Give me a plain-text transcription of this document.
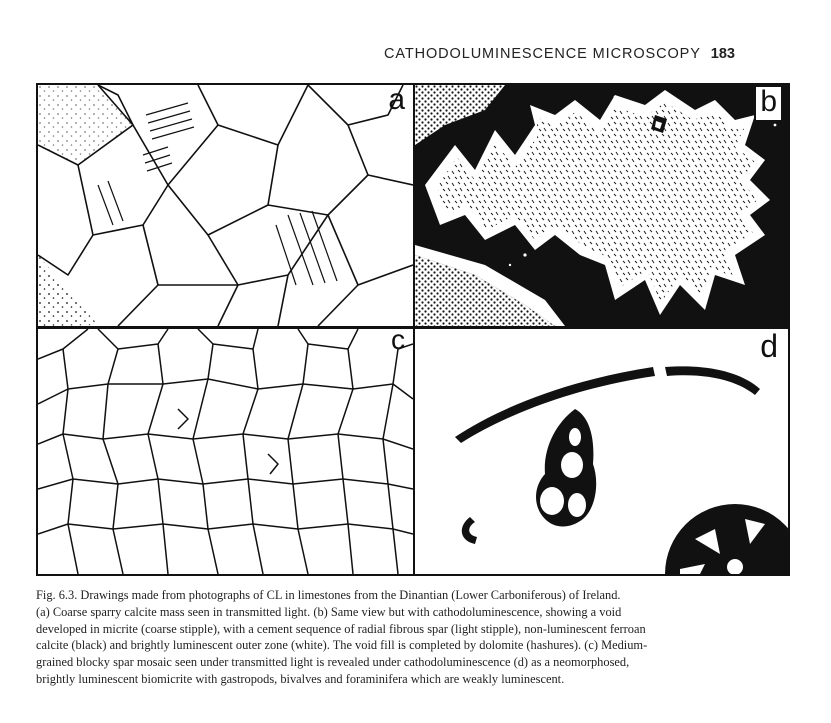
CATHODOLUMINESCENCE MICROSCOPY 183
a	b
c	d
Fig. 6.3. Drawings made from photographs of CL in limestones from the Dinantian (Lower Carboniferous) of Ireland.
(a) Coarse sparry calcite mass seen in transmitted light. (b) Same view but with cathodoluminescence, showing a void
developed in micrite (coarse stipple), with a cement sequence of radial fibrous spar (light stipple), non-luminescent ferroan
calcite (black) and brightly luminescent outer zone (white). The void fill is completed by dolomite (hashures). (c) Medium-
grained blocky spar mosaic seen under transmitted light is revealed under cathodoluminescence (d) as a neomorphosed,
brightly luminescent biomicrite with gastropods, bivalves and foraminifera which are weakly luminescent.
